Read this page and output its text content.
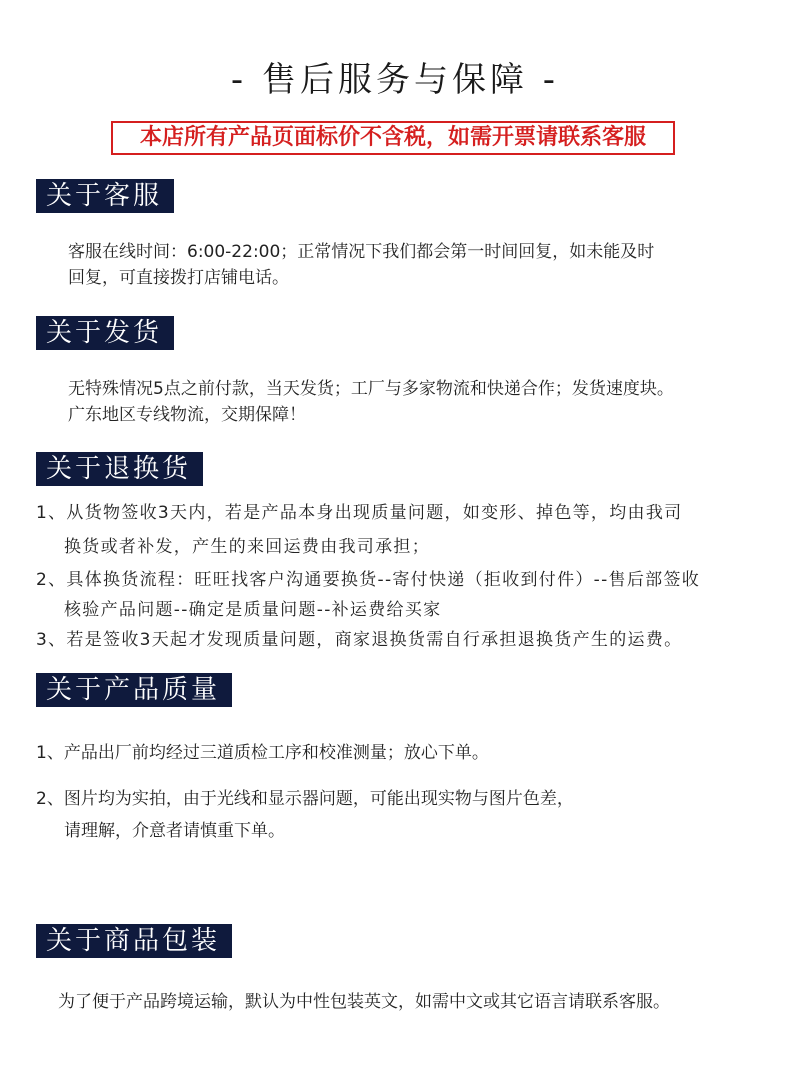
- 售后服务与保障 -
本店所有产品页面标价不含税，如需开票请联系客服
关于客服
客服在线时间：6:00-22:00；正常情况下我们都会第一时间回复，如未能及时
回复，可直接拨打店铺电话。
关于发货
无特殊情况5点之前付款，当天发货；工厂与多家物流和快递合作；发货速度块。
广东地区专线物流，交期保障！
关于退换货
1、从货物签收3天内，若是产品本身出现质量问题，如变形、掉色等，均由我司
换货或者补发，产生的来回运费由我司承担；
2、具体换货流程：旺旺找客户沟通要换货--寄付快递（拒收到付件）--售后部签收
核验产品问题--确定是质量问题--补运费给买家
3、若是签收3天起才发现质量问题，商家退换货需自行承担退换货产生的运费。
关于产品质量
1、产品出厂前均经过三道质检工序和校准测量；放心下单。
2、图片均为实拍，由于光线和显示器问题，可能出现实物与图片色差，
请理解，介意者请慎重下单。
关于商品包装
为了便于产品跨境运输，默认为中性包装英文，如需中文或其它语言请联系客服。
